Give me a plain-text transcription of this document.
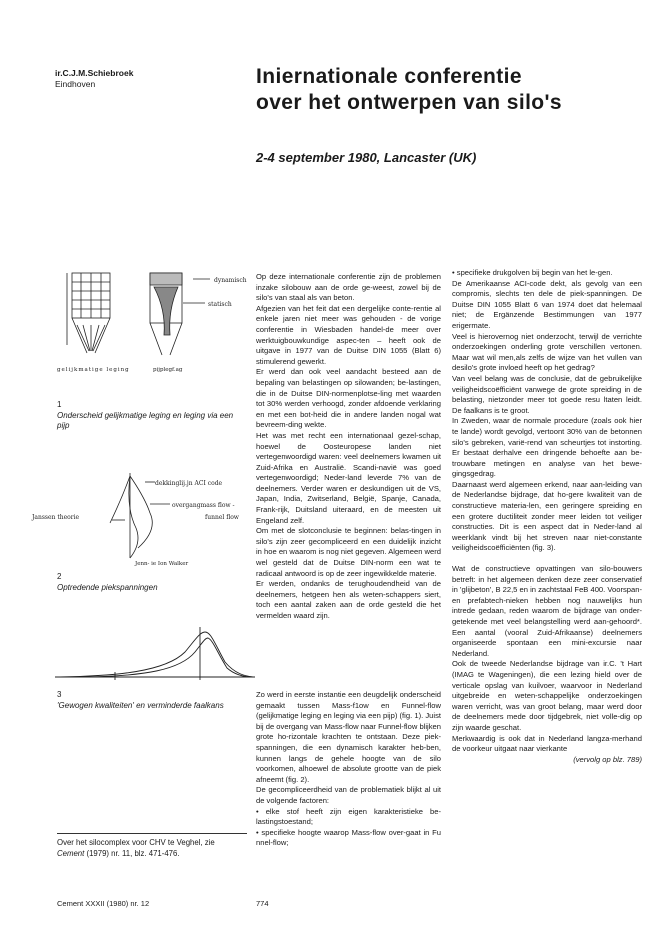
ir.C.J.M.Schiebroek
Eindhoven	Iniernationale conferentie
over het ontwerpen van silo's
2-4 september 1980, Lancaster (UK)
dynamisch
statisch
gelijkmatige leging	pijplegf.ag
1
Onderscheid gelijkmatige leging en leging via een pijp
dekkinglij.jn ACI code
overgangmass flow -
funnel flow
Janssen theorie
Jenn- ie Ion Walker
2
Optredende piekspanningen
3
'Gewogen kwaliteiten' en verminderde faalkans
Over het silocomplex voor CHV te Veghel, zie
Cement (1979) nr. 11, blz. 471-476.

Op deze internationale conferentie zijn de problemen inzake silobouw aan de orde ge-weest, zowel bij de silo's van staal als van beton.

Afgezien van het feit dat een dergelijke conte-rentie al enkele jaren niet meer was gehouden - de vorige conferentie in Wiesbaden handel-de meer over werktuigbouwkundige aspec-ten – heeft ook de uitgave in 1977 van de Duitse DIN 1055 (Blatt 6) stimulerend gewerkt.

Er werd dan ook veel aandacht besteed aan de bepaling van belastingen op silowanden; be-lastingen, die in de Duitse DIN-normenplotse-ling met waarden tot 30% werden verhoogd, zonder afdoende verklaring en met een bot-heid die in andere landen nogal wat bevreem-ding wekte.

Het was met recht een internationaal gezel-schap, hoewel de Oosteuropese landen niet vertegenwoordigd waren: veel deelnemers kwamen uit Zuid-Afrika en Australië. Scandi-navië was goed vertegenwoordigd; Neder-land leverde 7% van de deelnemers. Verder waren er deskundigen uit de VS, Japan, India, Zwitserland, België, Spanje, Canada, Frank-rijk, Duitsland uiteraard, en de meesten uit Engeland zelf.

Om met de slotconclusie te beginnen: belas-tingen in silo's zijn zeer gecompliceerd en een duidelijk inzicht in hoe en waarom is nog niet gegeven. Algemeen werd wel gesteld dat de Duitse DIN-norm een wat te radicaal antwoord is op de zeer ingewikkelde materie.

Er werden, ondanks de terughoudendheid van de deelnemers, hetgeen hen als weten-schappers siert, toch een aantal zaken aan de orde gesteld die het vermelden waard zijn.

Zo werd in eerste instantie een deugdelijk onderscheid gemaakt tussen Mass-f1ow en Funnel-flow (gelijkmatige leging en leging via een pijp) (fig. 1). Juist bij de overgang van Mass-flow naar Funnel-flow blijken grote ho-rizontale krachten te ontstaan. Deze piek-spanningen, die een dynamisch karakter heb-ben, kunnen langs de gehele hoogte van de silo voorkomen, alhoewel de absolute grootte van de piek afneemt (fig. 2).

De gecompliceerdheid van de problematiek blijkt al uit de volgende factoren:

• elke stof heeft zijn eigen karakteristieke be-lastingstoestand;

• specifieke hoogte waarop Mass-flow over-gaat in Fu nnel-flow;

• specifieke drukgolven bij begin van het le-gen.

De Amerikaanse ACI-code dekt, als gevolg van een compromis, slechts ten dele de piek-spanningen. De Duitse DIN 1055 Blatt 6 van 1974 doet dat helemaal niet; de Ergänzende Bestimmungen van 1977 erigermate.

Veel is hierovernog niet onderzocht, terwijl de verrichte onderzoekingen onderling grote verschillen vertonen. Maar wat wil men,als zelfs de wijze van het vullen van desilo's grote invloed heeft op het gedrag?

Van veel belang was de conclusie, dat de gebruikelijke veiligheidscoëfficiënt vanwege de grote spreiding in de belasting, nietzonder meer tot goede resu ltaten leidt. De faalkans is te groot.

In Zweden, waar de normale procedure (zoals ook hier te lande) wordt gevolgd, vertoont 30% van de betonnen silo's gebreken, varië-rend van scheurtjes tot instorting. Er bestaat derhalve een dringende behoefte aan be-trouwbare metingen en analyse van het bewe-gingsgedrag.

Daarnaast werd algemeen erkend, naar aan-leiding van de Nederlandse bijdrage, dat ho-gere kwaliteit van de constructieve materia-len, een geringere spreiding en een grotere ductiliteit zonder meer leiden tot veiliger constructies. Dit is een aspect dat in Neder-land al weerklank vindt bij het streven naar niet-constante veiligheidscoëfficiënten (fig. 3).

Wat de constructieve opvattingen van silo-bouwers betreft: in het algemeen denken deze zeer conservatief in 'glijbeton', B 22,5 en in zachtstaal FeB 400. Voorspan- en prefabtech-nieken hebben nog nauwelijks hun intrede gedaan, reden waarom de bijdrage van onder-getekende met veel belangstelling werd aan-gehoord*. Een aantal (vooral Zuid-Afrikaanse) deelnemers organiseerde spontaan een mini-excursie naar Nederland.

Ook de tweede Nederlandse bijdrage van ir.C. 't Hart (IMAG te Wageningen), die een lezing hield over de verticale opslag van kuilvoer, waarvoor in Nederland uitgebreide en weten-schappelijke onderzoekingen waren verricht, was van groot belang, maar werd door de deelnemers mede door tijdgebrek, niet volle-dig op zijn waarde geschat.

Merkwaardig is ook dat in Nederland langza-merhand de voorkeur uitgaat naar vierkante

(vervolg op blz. 789)

Cement XXXII (1980) nr. 12	774
